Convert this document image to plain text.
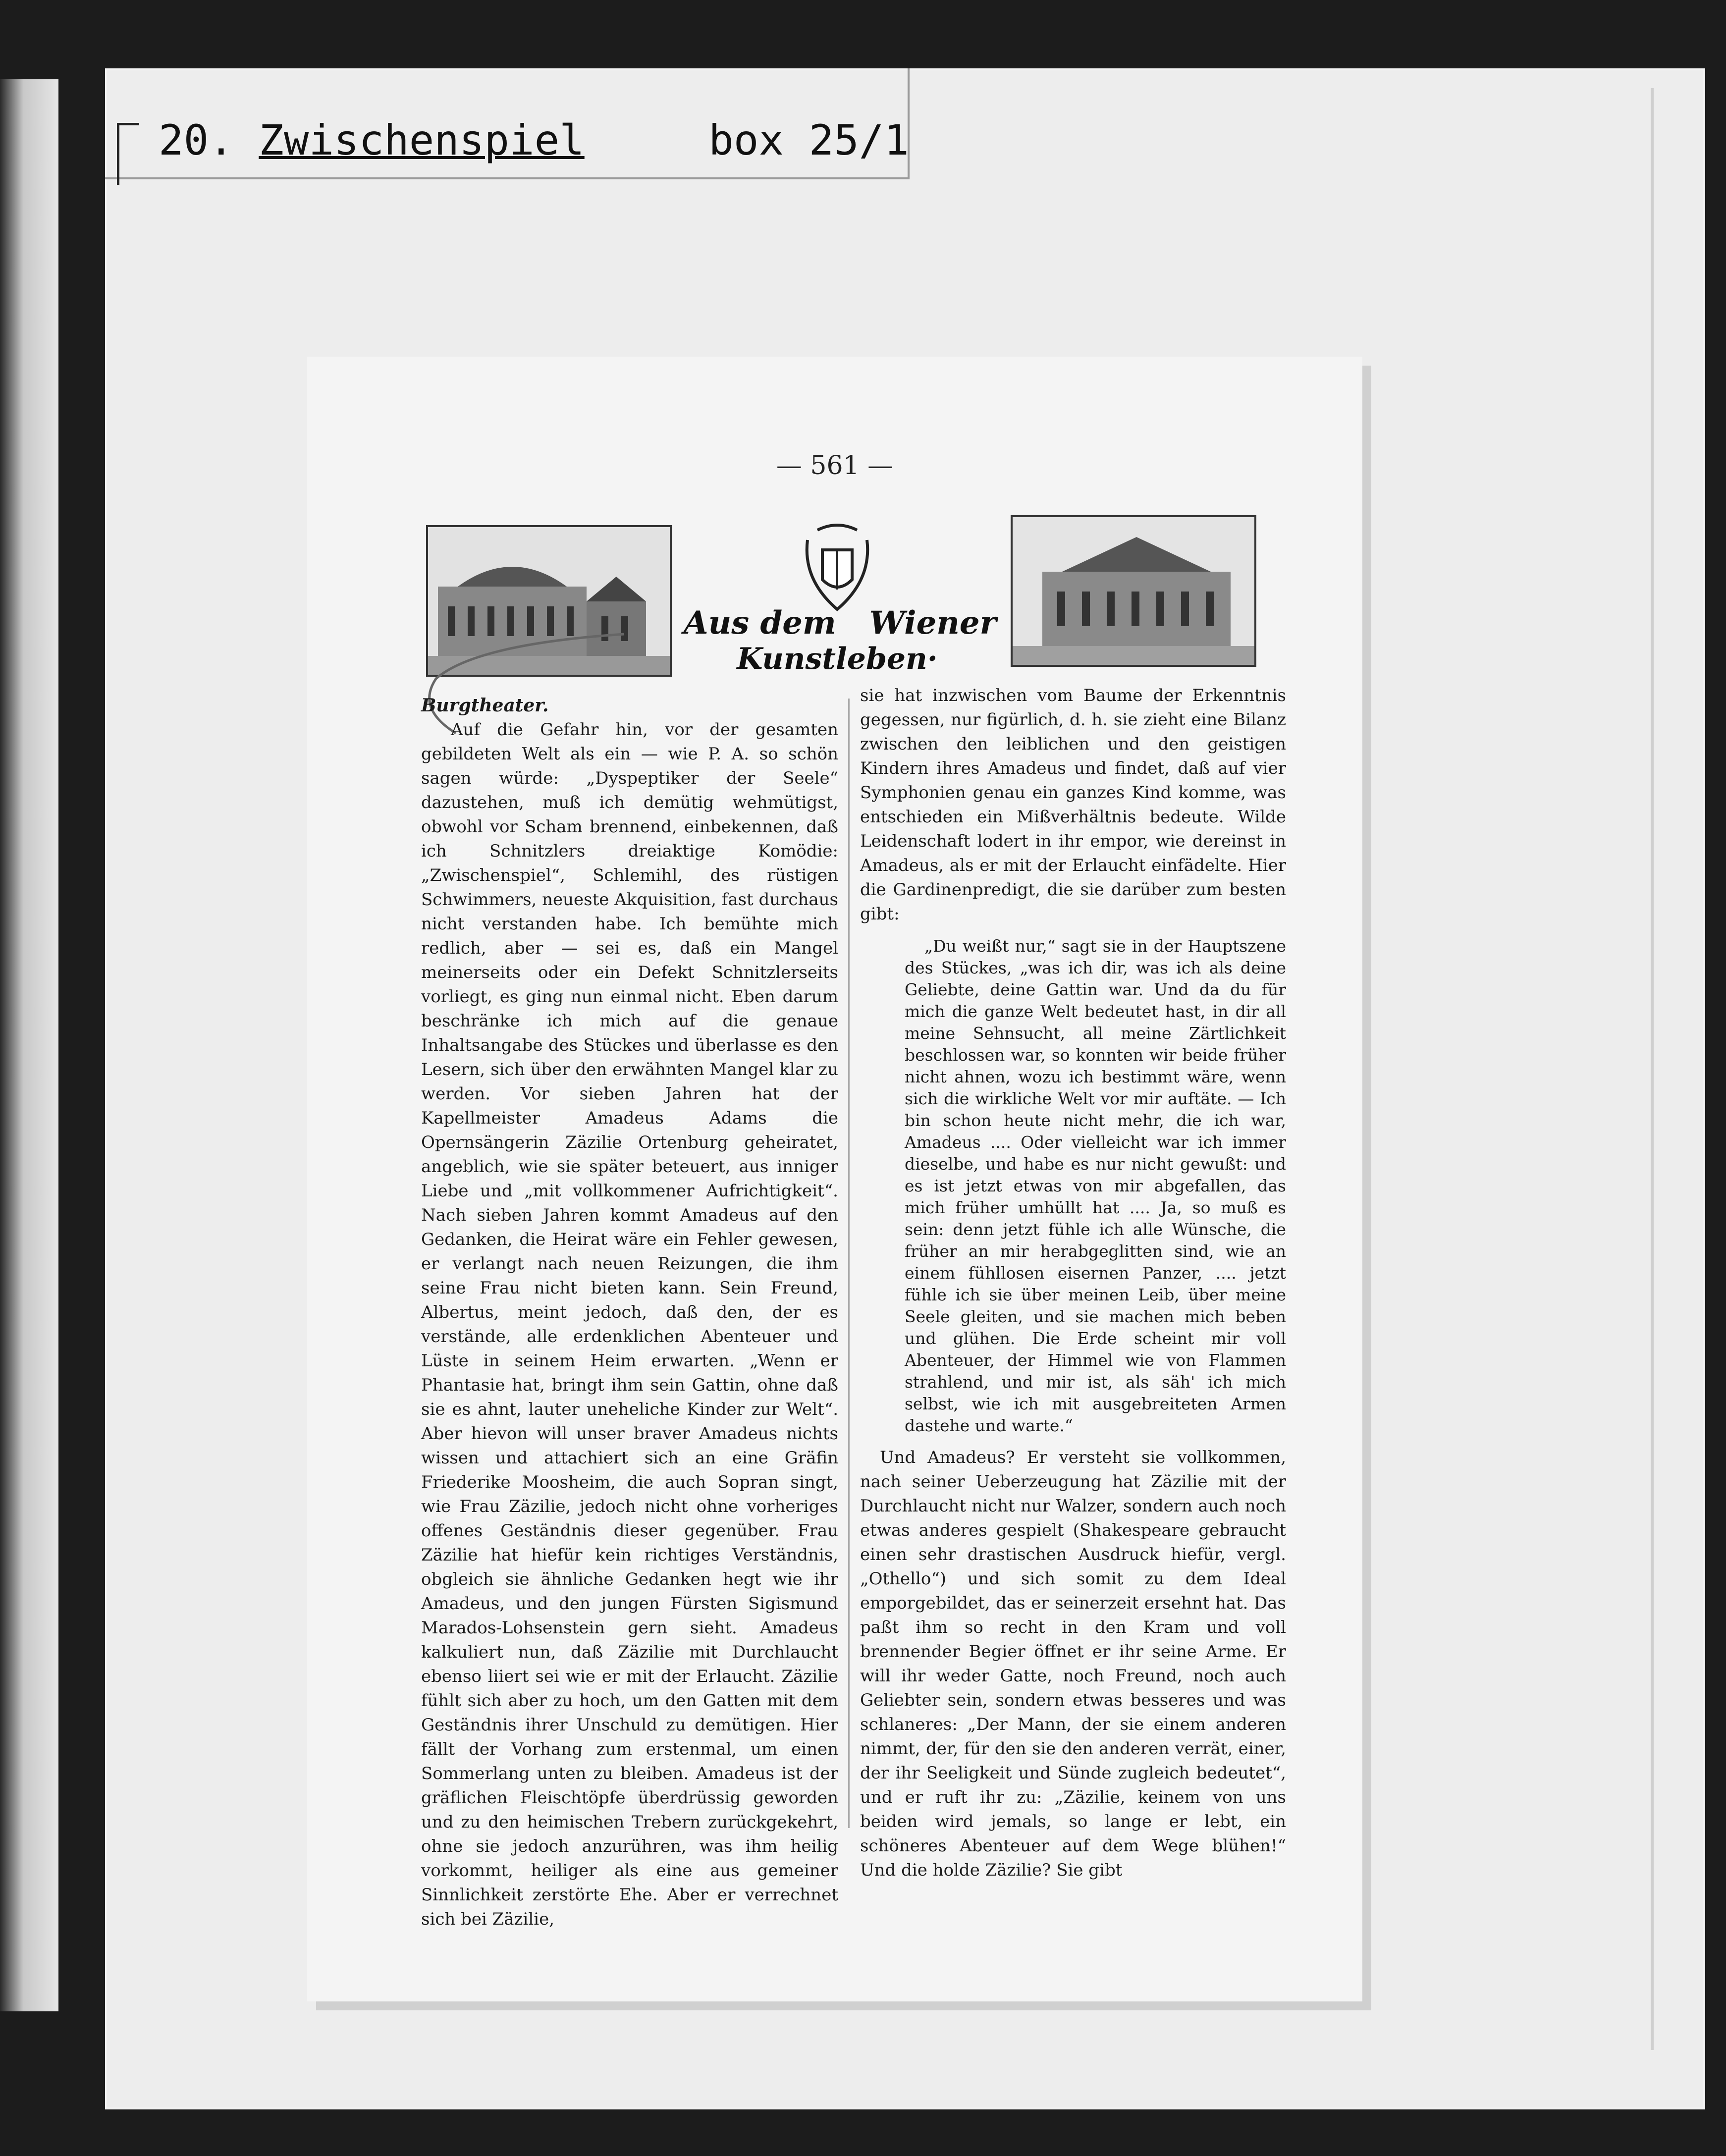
20. Zwischenspiel	box 25/1
— 561 —
Aus dem   Wiener
Kunstleben·

Burgtheater.

Auf die Gefahr hin, vor der gesamten gebildeten Welt als ein — wie P. A. so schön sagen würde: „Dyspeptiker der Seele“ dazustehen, muß ich demütig wehmütigst, obwohl vor Scham brennend, einbekennen, daß ich Schnitzlers dreiaktige Komödie: „Zwischenspiel“, Schlemihl, des rüstigen Schwimmers, neueste Akquisition, fast durchaus nicht verstanden habe. Ich bemühte mich redlich, aber — sei es, daß ein Mangel meinerseits oder ein Defekt Schnitzlerseits vorliegt, es ging nun einmal nicht. Eben darum beschränke ich mich auf die genaue Inhaltsangabe des Stückes und überlasse es den Lesern, sich über den erwähnten Mangel klar zu werden. Vor sieben Jahren hat der Kapellmeister Amadeus Adams die Opernsängerin Zäzilie Ortenburg geheiratet, angeblich, wie sie später beteuert, aus inniger Liebe und „mit vollkommener Aufrichtigkeit“. Nach sieben Jahren kommt Amadeus auf den Gedanken, die Heirat wäre ein Fehler gewesen, er verlangt nach neuen Reizungen, die ihm seine Frau nicht bieten kann. Sein Freund, Albertus, meint jedoch, daß den, der es verstände, alle erdenklichen Abenteuer und Lüste in seinem Heim erwarten. „Wenn er Phantasie hat, bringt ihm sein Gattin, ohne daß sie es ahnt, lauter uneheliche Kinder zur Welt“. Aber hievon will unser braver Amadeus nichts wissen und attachiert sich an eine Gräfin Friederike Moosheim, die auch Sopran singt, wie Frau Zäzilie, jedoch nicht ohne vorheriges offenes Geständnis dieser gegenüber. Frau Zäzilie hat hiefür kein richtiges Verständnis, obgleich sie ähnliche Gedanken hegt wie ihr Amadeus, und den jungen Fürsten Sigismund Marados-Lohsenstein gern sieht. Amadeus kalkuliert nun, daß Zäzilie mit Durchlaucht ebenso liiert sei wie er mit der Erlaucht. Zäzilie fühlt sich aber zu hoch, um den Gatten mit dem Geständnis ihrer Unschuld zu demütigen. Hier fällt der Vorhang zum erstenmal, um einen Sommerlang unten zu bleiben. Amadeus ist der gräflichen Fleischtöpfe überdrüssig geworden und zu den heimischen Trebern zurückgekehrt, ohne sie jedoch anzurühren, was ihm heilig vorkommt, heiliger als eine aus gemeiner Sinnlichkeit zerstörte Ehe. Aber er verrechnet sich bei Zäzilie,

sie hat inzwischen vom Baume der Erkenntnis gegessen, nur figürlich, d. h. sie zieht eine Bilanz zwischen den leiblichen und den geistigen Kindern ihres Amadeus und findet, daß auf vier Symphonien genau ein ganzes Kind komme, was entschieden ein Mißverhältnis bedeute. Wilde Leidenschaft lodert in ihr empor, wie dereinst in Amadeus, als er mit der Erlaucht einfädelte. Hier die Gardinenpredigt, die sie darüber zum besten gibt:

„Du weißt nur,“ sagt sie in der Hauptszene des Stückes, „was ich dir, was ich als deine Geliebte, deine Gattin war. Und da du für mich die ganze Welt bedeutet hast, in dir all meine Sehnsucht, all meine Zärtlichkeit beschlossen war, so konnten wir beide früher nicht ahnen, wozu ich bestimmt wäre, wenn sich die wirkliche Welt vor mir auftäte. — Ich bin schon heute nicht mehr, die ich war, Amadeus .... Oder vielleicht war ich immer dieselbe, und habe es nur nicht gewußt: und es ist jetzt etwas von mir abgefallen, das mich früher umhüllt hat .... Ja, so muß es sein: denn jetzt fühle ich alle Wünsche, die früher an mir herabgeglitten sind, wie an einem fühllosen eisernen Panzer, .... jetzt fühle ich sie über meinen Leib, über meine Seele gleiten, und sie machen mich beben und glühen. Die Erde scheint mir voll Abenteuer, der Himmel wie von Flammen strahlend, und mir ist, als säh' ich mich selbst, wie ich mit ausgebreiteten Armen dastehe und warte.“

Und Amadeus? Er versteht sie vollkommen, nach seiner Ueberzeugung hat Zäzilie mit der Durchlaucht nicht nur Walzer, sondern auch noch etwas anderes gespielt (Shakespeare gebraucht einen sehr drastischen Ausdruck hiefür, vergl. „Othello“) und sich somit zu dem Ideal emporgebildet, das er seinerzeit ersehnt hat. Das paßt ihm so recht in den Kram und voll brennender Begier öffnet er ihr seine Arme. Er will ihr weder Gatte, noch Freund, noch auch Geliebter sein, sondern etwas besseres und was schlaneres: „Der Mann, der sie einem anderen nimmt, der, für den sie den anderen verrät, einer, der ihr Seeligkeit und Sünde zugleich bedeutet“, und er ruft ihr zu: „Zäzilie, keinem von uns beiden wird jemals, so lange er lebt, ein schöneres Abenteuer auf dem Wege blühen!“ Und die holde Zäzilie? Sie gibt
